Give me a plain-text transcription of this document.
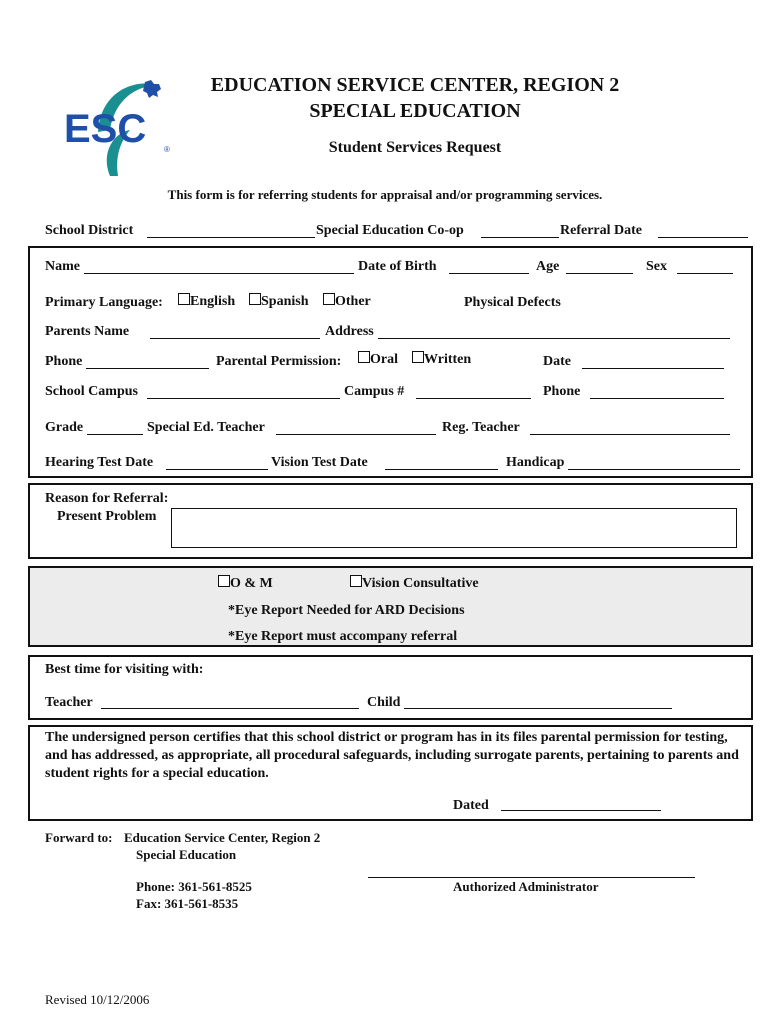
ESC ®
EDUCATION SERVICE CENTER, REGION 2
SPECIAL EDUCATION
Student Services Request
This form is for referring students for appraisal and/or programming services.
School District	Special Education Co-op	Referral Date
Name	Date of Birth	Age	Sex
Primary Language:	English	Spanish	Other	Physical Defects
Parents Name	Address
Phone	Parental Permission:	Oral	Written	Date
School Campus	Campus #	Phone
Grade	Special Ed. Teacher	Reg. Teacher
Hearing Test Date	Vision Test Date	Handicap
Reason for Referral:
Present Problem
O & M	Vision Consultative
*Eye Report Needed for ARD Decisions
*Eye Report must accompany referral
Best time for visiting with:
Teacher	Child
The undersigned person certifies that this school district or program has in its files parental permission for testing, and has addressed, as appropriate, all procedural safeguards, including surrogate parents, pertaining to parents and student rights for a special education.
Dated
Forward to: Education Service Center, Region 2
Special Education
Phone: 361-561-8525
Fax: 361-561-8535
Authorized Administrator
Revised 10/12/2006
